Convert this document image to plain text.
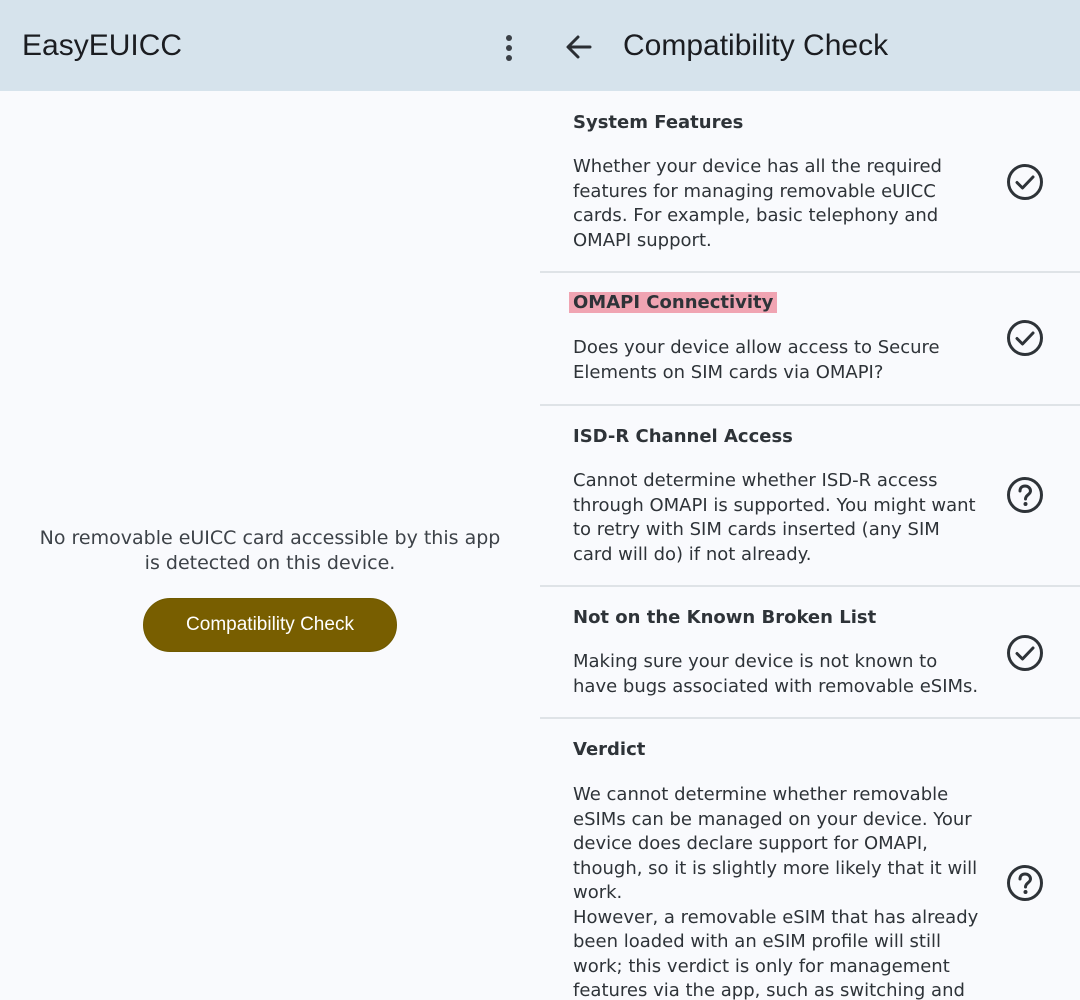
EasyEUICC
No removable eUICC card accessible by this app is detected on this device.
Compatibility Check
Compatibility Check
System Features
Whether your device has all the required features for managing removable eUICC cards. For example, basic telephony and OMAPI support.
OMAPI Connectivity
Does your device allow access to Secure Elements on SIM cards via OMAPI?
ISD-R Channel Access
Cannot determine whether ISD-R access through OMAPI is supported. You might want to retry with SIM cards inserted (any SIM card will do) if not already.
Not on the Known Broken List
Making sure your device is not known to have bugs associated with removable eSIMs.
Verdict

We cannot determine whether removable eSIMs can be managed on your device. Your device does declare support for OMAPI, though, so it is slightly more likely that it will work.

However, a removable eSIM that has already been loaded with an eSIM profile will still work; this verdict is only for management features via the app, such as switching and
